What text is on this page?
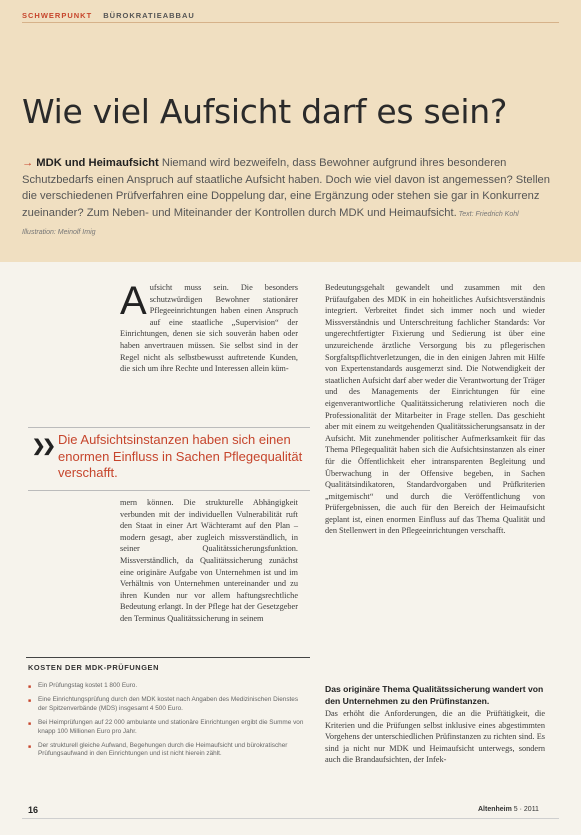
SCHWERPUNKT BÜROKRATIEABBAU
Wie viel Aufsicht darf es sein?
→ MDK und Heimaufsicht Niemand wird bezweifeln, dass Bewohner aufgrund ihres besonderen Schutzbedarfs einen Anspruch auf staatliche Aufsicht haben. Doch wie viel davon ist angemessen? Stellen die verschiedenen Prüfverfahren eine Doppelung dar, eine Ergänzung oder stehen sie gar in Konkurrenz zueinander? Zum Neben- und Miteinander der Kontrollen durch MDK und Heimaufsicht. Text: Friedrich Kohl Illustration: Meinolf Imig
Aufsicht muss sein. Die besonders schutzwürdigen Bewohner stationärer Pflegeeinrichtungen haben einen Anspruch auf eine staatliche „Supervision“ der Einrichtungen, denen sie sich souverän haben oder haben anvertrauen müssen. Sie selbst sind in der Regel nicht als selbstbewusst auftretende Kunden, die sich um ihre Rechte und Interessen allein küm-
❯❯ Die Aufsichtsinstanzen haben sich einen enormen Einfluss in Sachen Pflegequalität verschafft.
mern können. Die strukturelle Abhängigkeit verbunden mit der individuellen Vulnerabilität ruft den Staat in einer Art Wächteramt auf den Plan – modern gesagt, aber zugleich missverständlich, in seiner Qualitätssicherungsfunktion. Missverständlich, da Qualitätssicherung zunächst eine originäre Aufgabe von Unternehmen ist und im Verhältnis von Unternehmen untereinander und zu ihren Kunden nur vor allem haftungsrechtliche Bedeutung erlangt. In der Pflege hat der Gesetzgeber den Terminus Qualitätssicherung in seinem
Bedeutungsgehalt gewandelt und zusammen mit den Prüfaufgaben des MDK in ein hoheitliches Aufsichtsverständnis integriert. Verbreitet findet sich immer noch und wieder Missverständnis und Unterschreitung fachlicher Standards: Vor ungerechtfertigter Fixierung und Sedierung ist über eine unzureichende ärztliche Versorgung bis zu pflegerischen Sorgfaltspflichtverletzungen, die in den einigen Jahren mit Hilfe von Expertenstandards ausgemerzt sind. Die Notwendigkeit der staatlichen Aufsicht darf aber weder die Verantwortung der Träger und des Managements der Einrichtungen für eine eigenverantwortliche Qualitätssicherung relativieren noch die Professionalität der Mitarbeiter in Frage stellen. Das geschieht aber mit einem zu weitgehenden Qualitätssicherungsansatz in der Aufsicht. Mit zunehmender politischer Aufmerksamkeit für das Thema Pflegequalität haben sich die Aufsichtsinstanzen als einer für die Öffentlichkeit eher intransparenten Begleitung und Überwachung in der Offensive begeben, in Sachen Qualitätsindikatoren, Standardvorgaben und Prüfkriterien „mitgemischt“ und durch die Veröffentlichung von Prüfergebnissen, die auch für den Bereich der Heimaufsicht geplant ist, einen enormen Einfluss auf das Thema Qualität und den Stellenwert in den Pflegeeinrichtungen verschafft.
Das originäre Thema Qualitätssicherung wandert von den Unternehmen zu den Prüfinstanzen.
Das erhöht die Anforderungen, die an die Prüftätigkeit, die Kriterien und die Prüfungen selbst inklusive eines abgestimmten Vorgehens der unterschiedlichen Prüfinstanzen zu richten sind. Es sind ja nicht nur MDK und Heimaufsicht unterwegs, sondern auch die Brandaufsichten, der Infek-
KOSTEN DER MDK-PRÜFUNGEN
■ Ein Prüfungstag kostet 1 800 Euro.
■ Eine Einrichtungsprüfung durch den MDK kostet nach Angaben des Medizinischen Dienstes der Spitzenverbände (MDS) insgesamt 4 500 Euro.
■ Bei Heimprüfungen auf 22 000 ambulante und stationäre Einrichtungen ergibt die Summe von knapp 100 Millionen Euro pro Jahr.
■ Der strukturell gleiche Aufwand, Begehungen durch die Heimaufsicht und bürokratischer Prüfungsaufwand in den Einrichtungen und ist nicht hierein zählt.
16	Altenheim 5 · 2011
